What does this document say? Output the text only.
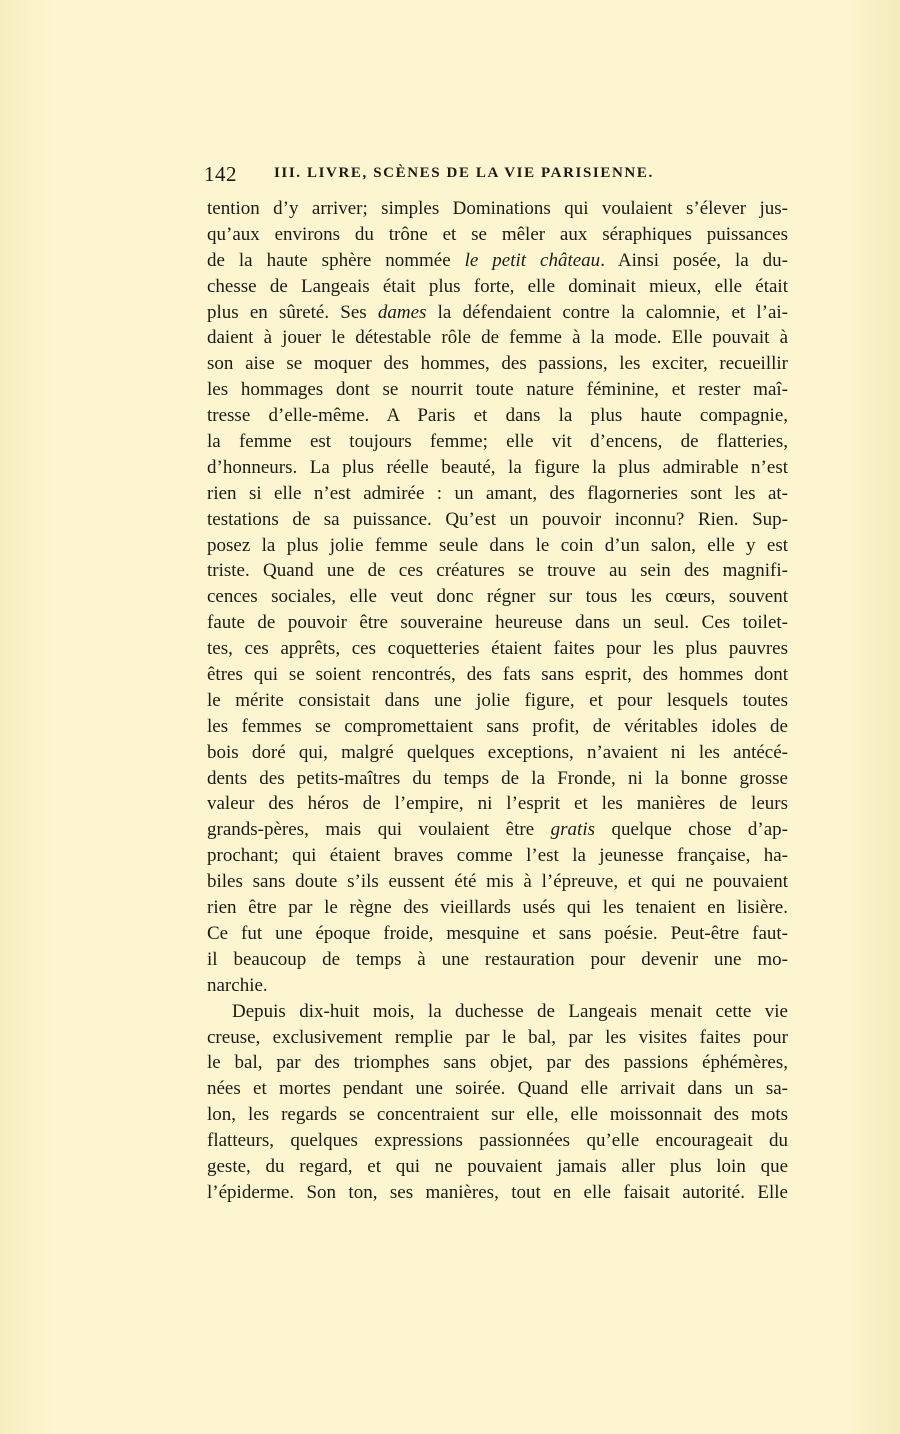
142 III. LIVRE, SCÈNES DE LA VIE PARISIENNE.
tention d’y arriver; simples Dominations qui voulaient s’élever jus-
qu’aux environs du trône et se mêler aux séraphiques puissances
de la haute sphère nommée le petit château. Ainsi posée, la du-
chesse de Langeais était plus forte, elle dominait mieux, elle était
plus en sûreté. Ses dames la défendaient contre la calomnie, et l’ai-
daient à jouer le détestable rôle de femme à la mode. Elle pouvait à
son aise se moquer des hommes, des passions, les exciter, recueillir
les hommages dont se nourrit toute nature féminine, et rester maî-
tresse d’elle-même. A Paris et dans la plus haute compagnie,
la femme est toujours femme; elle vit d’encens, de flatteries,
d’honneurs. La plus réelle beauté, la figure la plus admirable n’est
rien si elle n’est admirée : un amant, des flagorneries sont les at-
testations de sa puissance. Qu’est un pouvoir inconnu? Rien. Sup-
posez la plus jolie femme seule dans le coin d’un salon, elle y est
triste. Quand une de ces créatures se trouve au sein des magnifi-
cences sociales, elle veut donc régner sur tous les cœurs, souvent
faute de pouvoir être souveraine heureuse dans un seul. Ces toilet-
tes, ces apprêts, ces coquetteries étaient faites pour les plus pauvres
êtres qui se soient rencontrés, des fats sans esprit, des hommes dont
le mérite consistait dans une jolie figure, et pour lesquels toutes
les femmes se compromettaient sans profit, de véritables idoles de
bois doré qui, malgré quelques exceptions, n’avaient ni les antécé-
dents des petits-maîtres du temps de la Fronde, ni la bonne grosse
valeur des héros de l’empire, ni l’esprit et les manières de leurs
grands-pères, mais qui voulaient être gratis quelque chose d’ap-
prochant; qui étaient braves comme l’est la jeunesse française, ha-
biles sans doute s’ils eussent été mis à l’épreuve, et qui ne pouvaient
rien être par le règne des vieillards usés qui les tenaient en lisière.
Ce fut une époque froide, mesquine et sans poésie. Peut-être faut-
il beaucoup de temps à une restauration pour devenir une mo-
narchie.
Depuis dix-huit mois, la duchesse de Langeais menait cette vie
creuse, exclusivement remplie par le bal, par les visites faites pour
le bal, par des triomphes sans objet, par des passions éphémères,
nées et mortes pendant une soirée. Quand elle arrivait dans un sa-
lon, les regards se concentraient sur elle, elle moissonnait des mots
flatteurs, quelques expressions passionnées qu’elle encourageait du
geste, du regard, et qui ne pouvaient jamais aller plus loin que
l’épiderme. Son ton, ses manières, tout en elle faisait autorité. Elle
